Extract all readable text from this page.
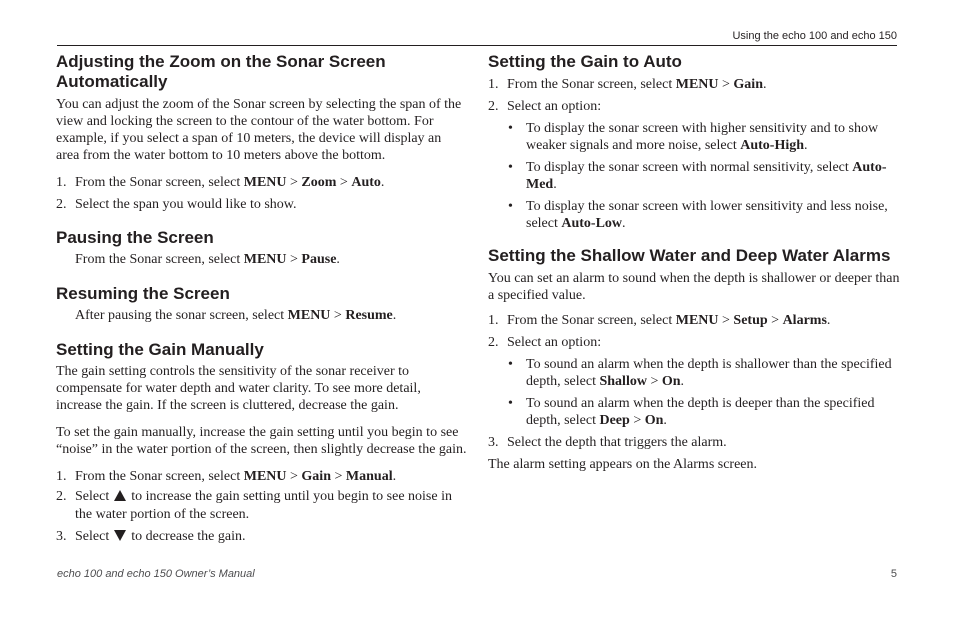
Using the echo 100 and echo 150
Adjusting the Zoom on the Sonar Screen Automatically

You can adjust the zoom of the Sonar screen by selecting the span of the view and locking the screen to the contour of the water bottom. For example, if you select a span of 10 meters, the device will display an area from the water bottom to 10 meters above the bottom.

1. From the Sonar screen, select MENU > Zoom > Auto.
2. Select the span you would like to show.
Pausing the Screen

From the Sonar screen, select MENU > Pause.

Resuming the Screen

After pausing the sonar screen, select MENU > Resume.

Setting the Gain Manually

The gain setting controls the sensitivity of the sonar receiver to compensate for water depth and water clarity. To see more detail, increase the gain. If the screen is cluttered, decrease the gain.

To set the gain manually, increase the gain setting until you begin to see “noise” in the water portion of the screen, then slightly decrease the gain.

1. From the Sonar screen, select MENU > Gain > Manual.
2. Select  to increase the gain setting until you begin to see noise in the water portion of the screen.
3. Select  to decrease the gain.
Setting the Gain to Auto
1. From the Sonar screen, select MENU > Gain.
2. Select an option:
• To display the sonar screen with higher sensitivity and to show weaker signals and more noise, select Auto-High.
• To display the sonar screen with normal sensitivity, select Auto-Med.
• To display the sonar screen with lower sensitivity and less noise, select Auto-Low.
Setting the Shallow Water and Deep Water Alarms

You can set an alarm to sound when the depth is shallower or deeper than a specified value.

1. From the Sonar screen, select MENU > Setup > Alarms.
2. Select an option:
• To sound an alarm when the depth is shallower than the specified depth, select Shallow > On.
• To sound an alarm when the depth is deeper than the specified depth, select Deep > On.
3. Select the depth that triggers the alarm.

The alarm setting appears on the Alarms screen.

echo 100 and echo 150 Owner’s Manual	5
